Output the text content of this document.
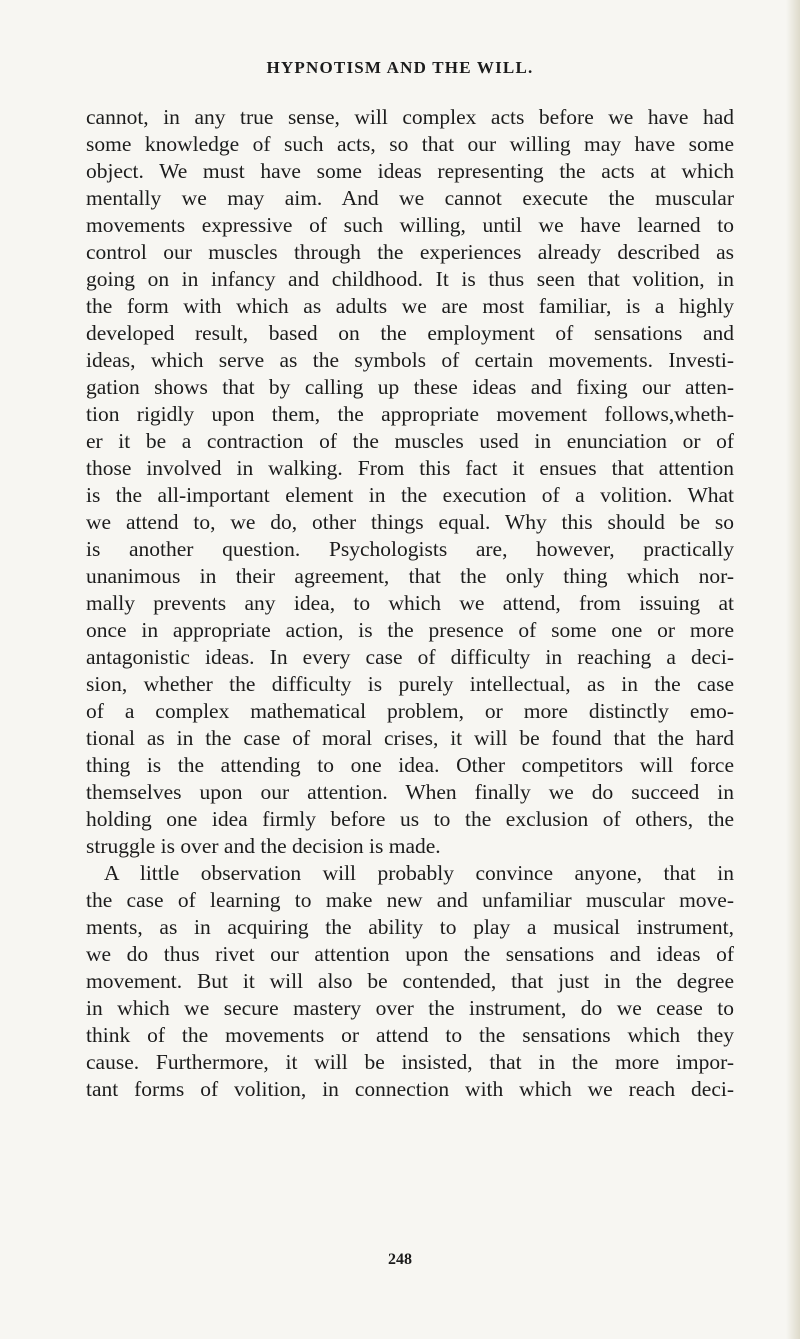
HYPNOTISM AND THE WILL.
cannot, in any true sense, will complex acts before we have had
some knowledge of such acts, so that our willing may have some
object. We must have some ideas representing the acts at which
mentally we may aim. And we cannot execute the muscular
movements expressive of such willing, until we have learned to
control our muscles through the experiences already described as
going on in infancy and childhood. It is thus seen that volition, in
the form with which as adults we are most familiar, is a highly
developed result, based on the employment of sensations and
ideas, which serve as the symbols of certain movements. Investi-
gation shows that by calling up these ideas and fixing our atten-
tion rigidly upon them, the appropriate movement follows,wheth-
er it be a contraction of the muscles used in enunciation or of
those involved in walking. From this fact it ensues that attention
is the all-important element in the execution of a volition. What
we attend to, we do, other things equal. Why this should be so
is another question. Psychologists are, however, practically
unanimous in their agreement, that the only thing which nor-
mally prevents any idea, to which we attend, from issuing at
once in appropriate action, is the presence of some one or more
antagonistic ideas. In every case of difficulty in reaching a deci-
sion, whether the difficulty is purely intellectual, as in the case
of a complex mathematical problem, or more distinctly emo-
tional as in the case of moral crises, it will be found that the hard
thing is the attending to one idea. Other competitors will force
themselves upon our attention. When finally we do succeed in
holding one idea firmly before us to the exclusion of others, the
struggle is over and the decision is made.
A little observation will probably convince anyone, that in
the case of learning to make new and unfamiliar muscular move-
ments, as in acquiring the ability to play a musical instrument,
we do thus rivet our attention upon the sensations and ideas of
movement. But it will also be contended, that just in the degree
in which we secure mastery over the instrument, do we cease to
think of the movements or attend to the sensations which they
cause. Furthermore, it will be insisted, that in the more impor-
tant forms of volition, in connection with which we reach deci-
248
